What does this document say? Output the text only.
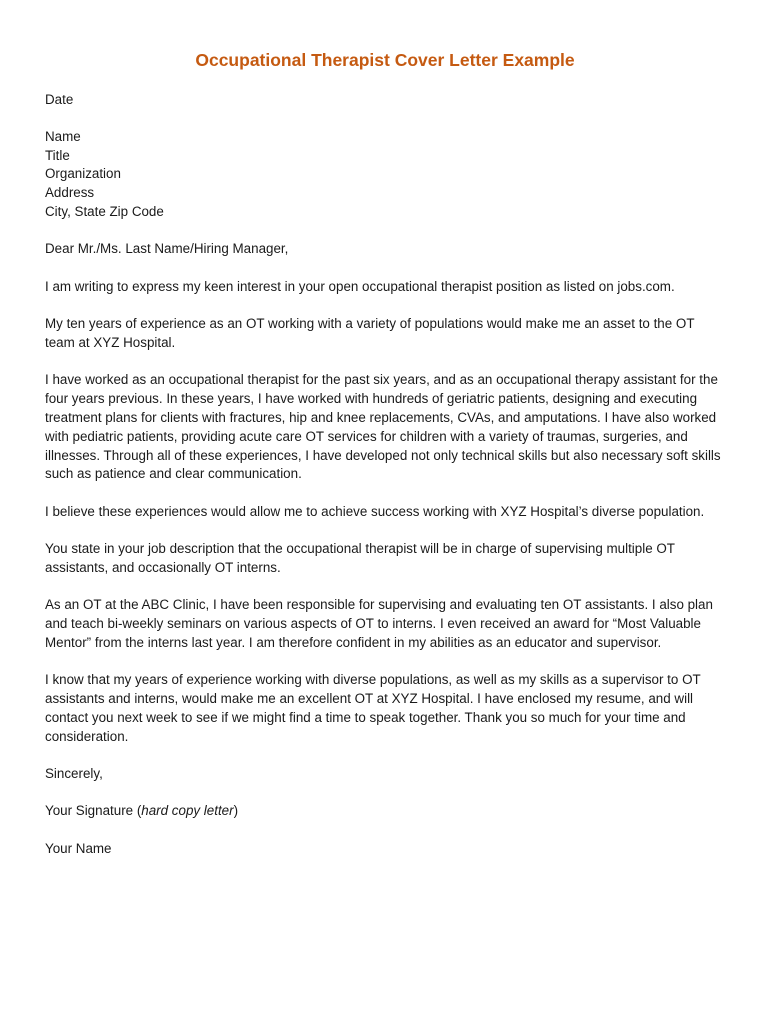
Occupational Therapist Cover Letter Example

Date

Name
Title
Organization
Address
City, State Zip Code

Dear Mr./Ms. Last Name/Hiring Manager,

I am writing to express my keen interest in your open occupational therapist position as listed on jobs.com.

My ten years of experience as an OT working with a variety of populations would make me an asset to the OT team at XYZ Hospital.

I have worked as an occupational therapist for the past six years, and as an occupational therapy assistant for the four years previous. In these years, I have worked with hundreds of geriatric patients, designing and executing treatment plans for clients with fractures, hip and knee replacements, CVAs, and amputations. I have also worked with pediatric patients, providing acute care OT services for children with a variety of traumas, surgeries, and illnesses. Through all of these experiences, I have developed not only technical skills but also necessary soft skills such as patience and clear communication.

I believe these experiences would allow me to achieve success working with XYZ Hospital’s diverse population.

You state in your job description that the occupational therapist will be in charge of supervising multiple OT assistants, and occasionally OT interns.

As an OT at the ABC Clinic, I have been responsible for supervising and evaluating ten OT assistants. I also plan and teach bi-weekly seminars on various aspects of OT to interns. I even received an award for “Most Valuable Mentor” from the interns last year. I am therefore confident in my abilities as an educator and supervisor.

I know that my years of experience working with diverse populations, as well as my skills as a supervisor to OT assistants and interns, would make me an excellent OT at XYZ Hospital. I have enclosed my resume, and will contact you next week to see if we might find a time to speak together. Thank you so much for your time and consideration.

Sincerely,

Your Signature (hard copy letter)

Your Name
